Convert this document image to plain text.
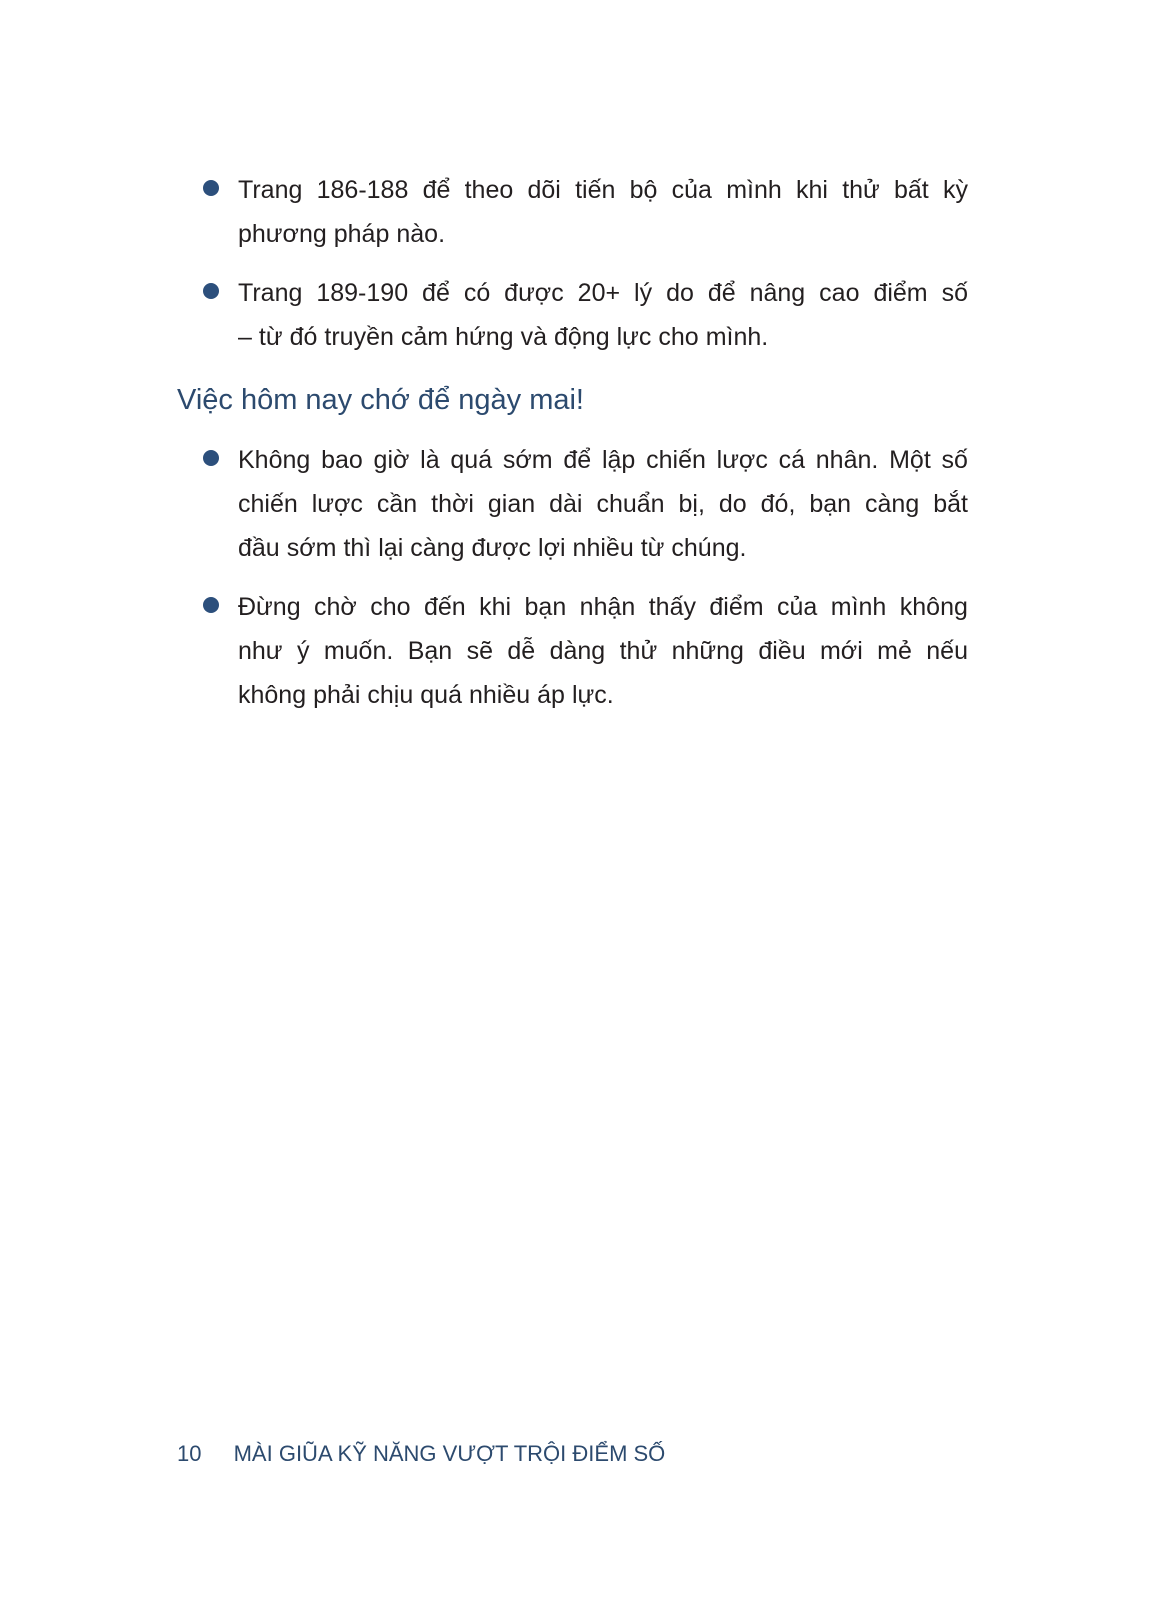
Trang 186-188 để theo dõi tiến bộ của mình khi thử bất kỳ
phương pháp nào.
Trang 189-190 để có được 20+ lý do để nâng cao điểm số
– từ đó truyền cảm hứng và động lực cho mình.
Việc hôm nay chớ để ngày mai!
Không bao giờ là quá sớm để lập chiến lược cá nhân. Một số
chiến lược cần thời gian dài chuẩn bị, do đó, bạn càng bắt
đầu sớm thì lại càng được lợi nhiều từ chúng.
Đừng chờ cho đến khi bạn nhận thấy điểm của mình không
như ý muốn. Bạn sẽ dễ dàng thử những điều mới mẻ nếu
không phải chịu quá nhiều áp lực.
10 MÀI GIŨA KỸ NĂNG VƯỢT TRỘI ĐIỂM SỐ
